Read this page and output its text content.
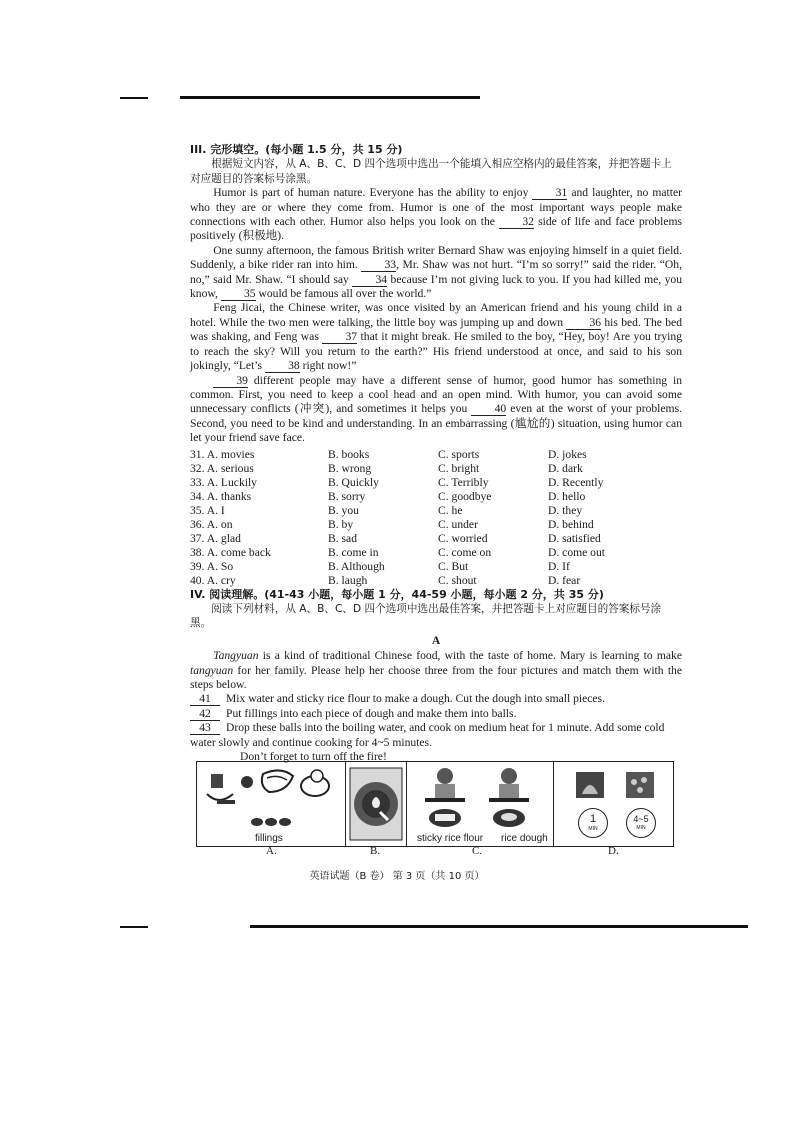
III. 完形填空。(每小题 1.5 分，共 15 分)

根据短文内容，从 A、B、C、D 四个选项中选出一个能填入相应空格内的最佳答案，并把答题卡上对应题目的答案标号涂黑。

Humor is part of human nature. Everyone has the ability to enjoy 31 and laughter, no matter who they are or where they come from. Humor is one of the most important ways people make connections with each other. Humor also helps you look on the 32 side of life and face problems positively (积极地).

One sunny afternoon, the famous British writer Bernard Shaw was enjoying himself in a quiet field. Suddenly, a bike rider ran into him. 33, Mr. Shaw was not hurt. “I’m so sorry!” said the rider. “Oh, no,” said Mr. Shaw. “I should say 34 because I’m not giving luck to you. If you had killed me, you know, 35 would be famous all over the world.”

Feng Jicai, the Chinese writer, was once visited by an American friend and his young child in a hotel. While the two men were talking, the little boy was jumping up and down 36 his bed. The bed was shaking, and Feng was 37 that it might break. He smiled to the boy, “Hey, boy! Are you trying to reach the sky? Will you return to the earth?” His friend understood at once, and said to his son jokingly, “Let’s 38 right now!”

39 different people may have a different sense of humor, good humor has something in common. First, you need to keep a cool head and an open mind. With humor, you can avoid some unnecessary conflicts (冲突), and sometimes it helps you 40 even at the worst of your problems. Second, you need to be kind and understanding. In an embarrassing (尴尬的) situation, using humor can let your friend save face.

31. A. movies	B. books	C. sports	D. jokes
32. A. serious	B. wrong	C. bright	D. dark
33. A. Luckily	B. Quickly	C. Terribly	D. Recently
34. A. thanks	B. sorry	C. goodbye	D. hello
35. A. I	B. you	C. he	D. they
36. A. on	B. by	C. under	D. behind
37. A. glad	B. sad	C. worried	D. satisfied
38. A. come back	B. come in	C. come on	D. come out
39. A. So	B. Although	C. But	D. If
40. A. cry	B. laugh	C. shout	D. fear

IV. 阅读理解。(41-43 小题，每小题 1 分，44-59 小题，每小题 2 分，共 35 分)

阅读下列材料，从 A、B、C、D 四个选项中选出最佳答案，并把答题卡上对应题目的答案标号涂黑。

A

Tangyuan is a kind of traditional Chinese food, with the taste of home. Mary is learning to make tangyuan for her family. Please help her choose three from the four pictures and match them with the steps below.

41 Mix water and sticky rice flour to make a dough. Cut the dough into small pieces.

42 Put fillings into each piece of dough and make them into balls.

43 Drop these balls into the boiling water, and cook on medium heat for 1 minute. Add some cold water slowly and continue cooking for 4~5 minutes.

Don’t forget to turn off the fire!

fillings	sticky rice flour rice dough
1
MIN
4~5
MIN
A.	B.	C.	D.
英语试题（B 卷） 第 3 页（共 10 页）
